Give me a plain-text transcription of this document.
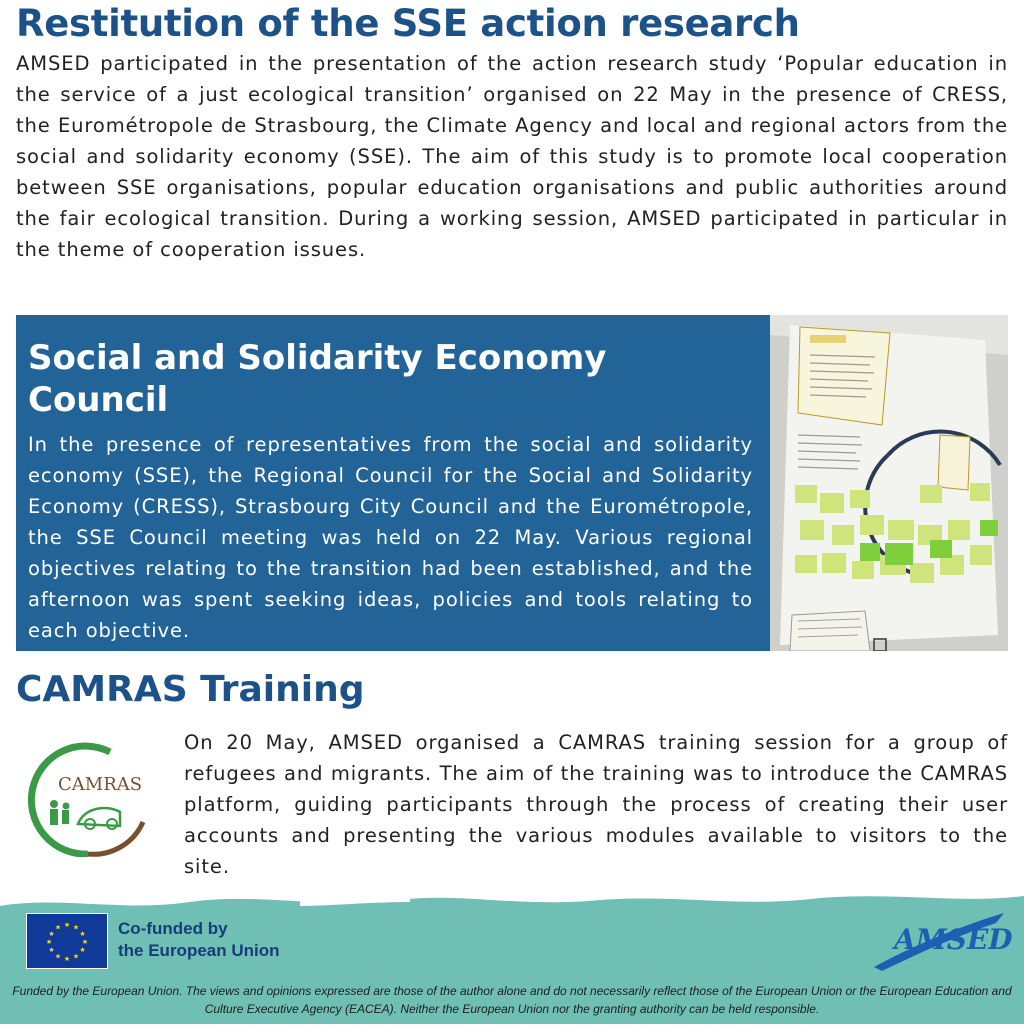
Restitution of the SSE action research

AMSED participated in the presentation of the action research study ‘Popular education in the service of a just ecological transition’ organised on 22 May in the presence of CRESS, the Eurométropole de Strasbourg, the Climate Agency and local and regional actors from the social and solidarity economy (SSE). The aim of this study is to promote local cooperation between SSE organisations, popular education organisations and public authorities around the fair ecological transition. During a working session, AMSED participated in particular in the theme of cooperation issues.

Social and Solidarity Economy Council

In the presence of representatives from the social and solidarity economy (SSE), the Regional Council for the Social and Solidarity Economy (CRESS), Strasbourg City Council and the Eurométropole, the SSE Council meeting was held on 22 May. Various regional objectives relating to the transition had been established, and the afternoon was spent seeking ideas, policies and tools relating to each objective.

CAMRAS Training
CAMRAS

On 20 May, AMSED organised a CAMRAS training session for a group of refugees and migrants. The aim of the training was to introduce the CAMRAS platform, guiding participants through the process of creating their user accounts and presenting the various modules available to visitors to the site.

★ ★
★
★
★
★
★
★
★
★
★
★	Co-funded by
the European Union	AMSED

Funded by the European Union. The views and opinions expressed are those of the author alone and do not necessarily reflect those of the European Union or the European Education and Culture Executive Agency (EACEA). Neither the European Union nor the granting authority can be held responsible.
